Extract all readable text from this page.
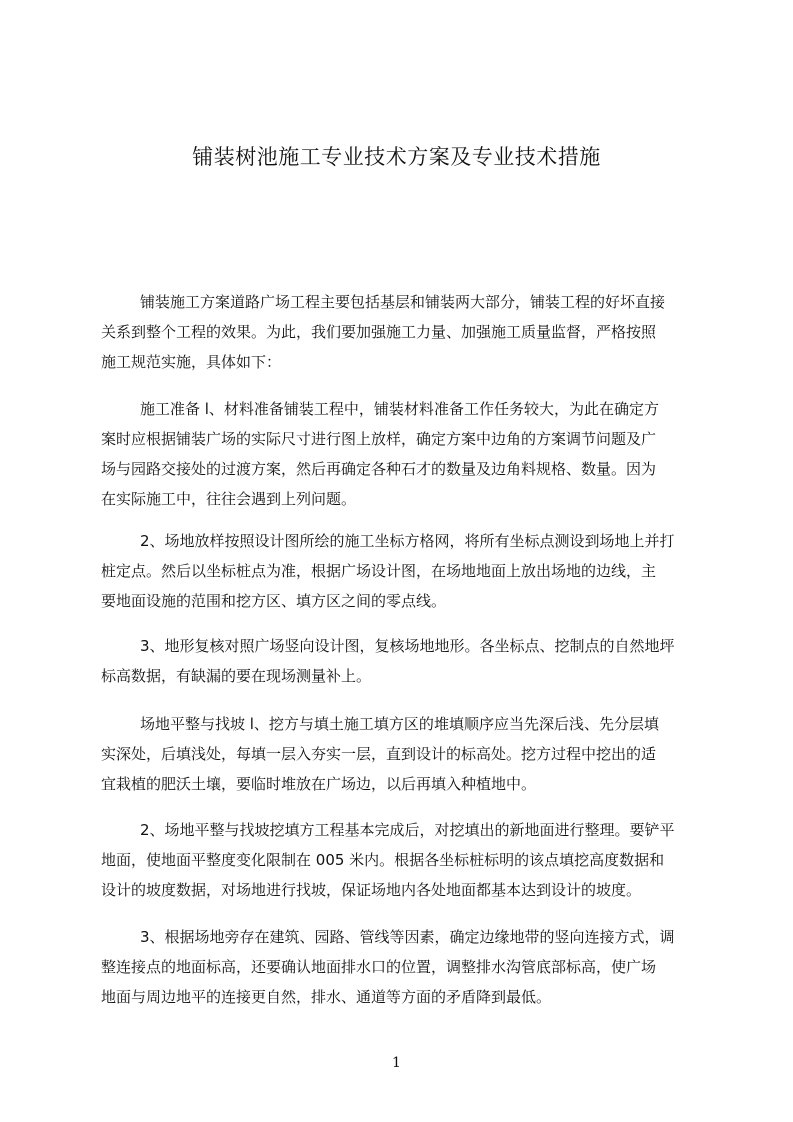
铺装树池施工专业技术方案及专业技术措施
铺装施工方案道路广场工程主要包括基层和铺装两大部分，铺装工程的好坏直接
关系到整个工程的效果。为此，我们要加强施工力量、加强施工质量监督，严格按照
施工规范实施，具体如下：
施工准备 l、材料准备铺装工程中，铺装材料准备工作任务较大，为此在确定方
案时应根据铺装广场的实际尺寸进行图上放样，确定方案中边角的方案调节问题及广
场与园路交接处的过渡方案，然后再确定各种石才的数量及边角料规格、数量。因为
在实际施工中，往往会遇到上列问题。
2、场地放样按照设计图所绘的施工坐标方格网，将所有坐标点测设到场地上并打
桩定点。然后以坐标桩点为准，根据广场设计图，在场地地面上放出场地的边线，主
要地面设施的范围和挖方区、填方区之间的零点线。
3、地形复核对照广场竖向设计图，复核场地地形。各坐标点、挖制点的自然地坪
标高数据，有缺漏的要在现场测量补上。
场地平整与找坡 l、挖方与填土施工填方区的堆填顺序应当先深后浅、先分层填
实深处，后填浅处，每填一层入夯实一层，直到设计的标高处。挖方过程中挖出的适
宜栽植的肥沃土壤，要临时堆放在广场边，以后再填入种植地中。
2、场地平整与找坡挖填方工程基本完成后，对挖填出的新地面进行整理。要铲平
地面，使地面平整度变化限制在 005 米内。根据各坐标桩标明的该点填挖高度数据和
设计的坡度数据，对场地进行找坡，保证场地内各处地面都基本达到设计的坡度。
3、根据场地旁存在建筑、园路、管线等因素，确定边缘地带的竖向连接方式，调
整连接点的地面标高，还要确认地面排水口的位置，调整排水沟管底部标高，使广场
地面与周边地平的连接更自然，排水、通道等方面的矛盾降到最低。
1
